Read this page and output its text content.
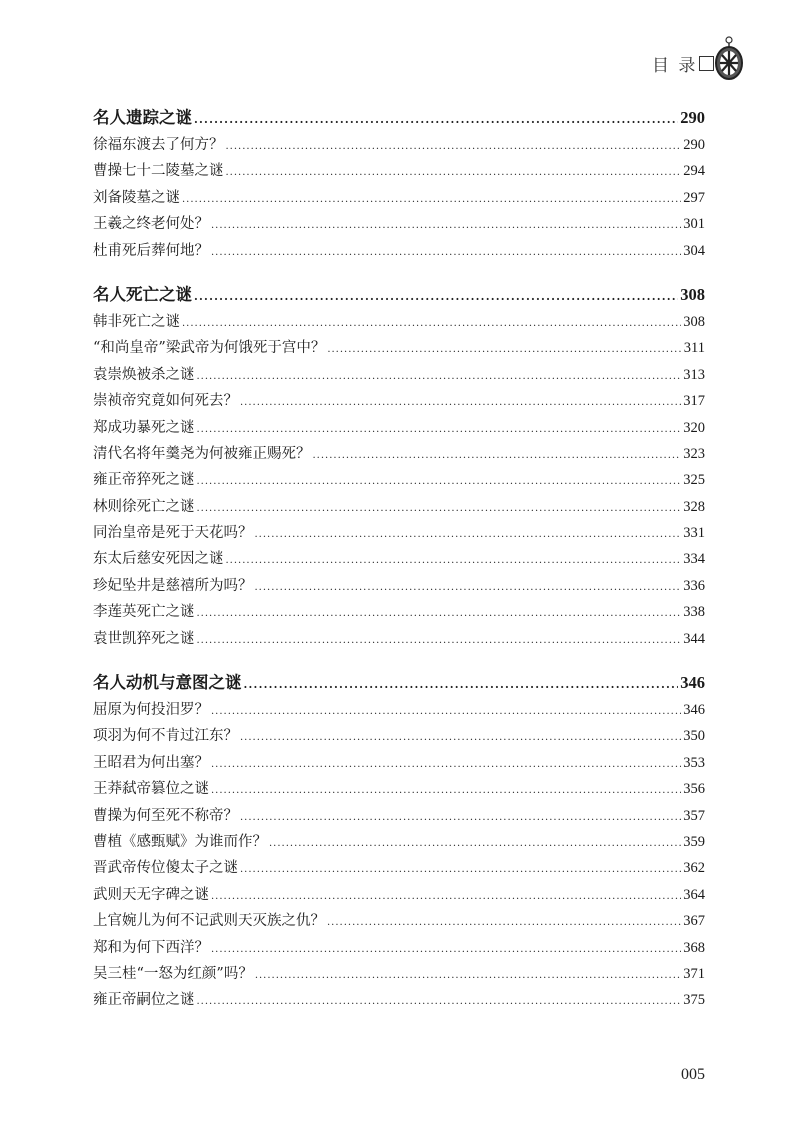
目 录
名人遗踪之谜 .....	290
徐福东渡去了何方？ .....	290
曹操七十二陵墓之谜 .....	294
刘备陵墓之谜 .....	297
王羲之终老何处？ .....	301
杜甫死后葬何地？ .....	304
名人死亡之谜 .....	308
韩非死亡之谜 .....	308
“和尚皇帝”梁武帝为何饿死于宫中？ .....	311
袁崇焕被杀之谜 .....	313
崇祯帝究竟如何死去？ .....	317
郑成功暴死之谜 .....	320
清代名将年羹尧为何被雍正赐死？ .....	323
雍正帝猝死之谜 .....	325
林则徐死亡之谜 .....	328
同治皇帝是死于天花吗？ .....	331
东太后慈安死因之谜 .....	334
珍妃坠井是慈禧所为吗？ .....	336
李莲英死亡之谜 .....	338
袁世凯猝死之谜 .....	344
名人动机与意图之谜 .....	346
屈原为何投汨罗？ .....	346
项羽为何不肯过江东？ .....	350
王昭君为何出塞？ .....	353
王莽弑帝篡位之谜 .....	356
曹操为何至死不称帝？ .....	357
曹植《感甄赋》为谁而作？ .....	359
晋武帝传位傻太子之谜 .....	362
武则天无字碑之谜 .....	364
上官婉儿为何不记武则天灭族之仇？ .....	367
郑和为何下西洋？ .....	368
吴三桂“一怒为红颜”吗？ .....	371
雍正帝嗣位之谜 .....	375
005
